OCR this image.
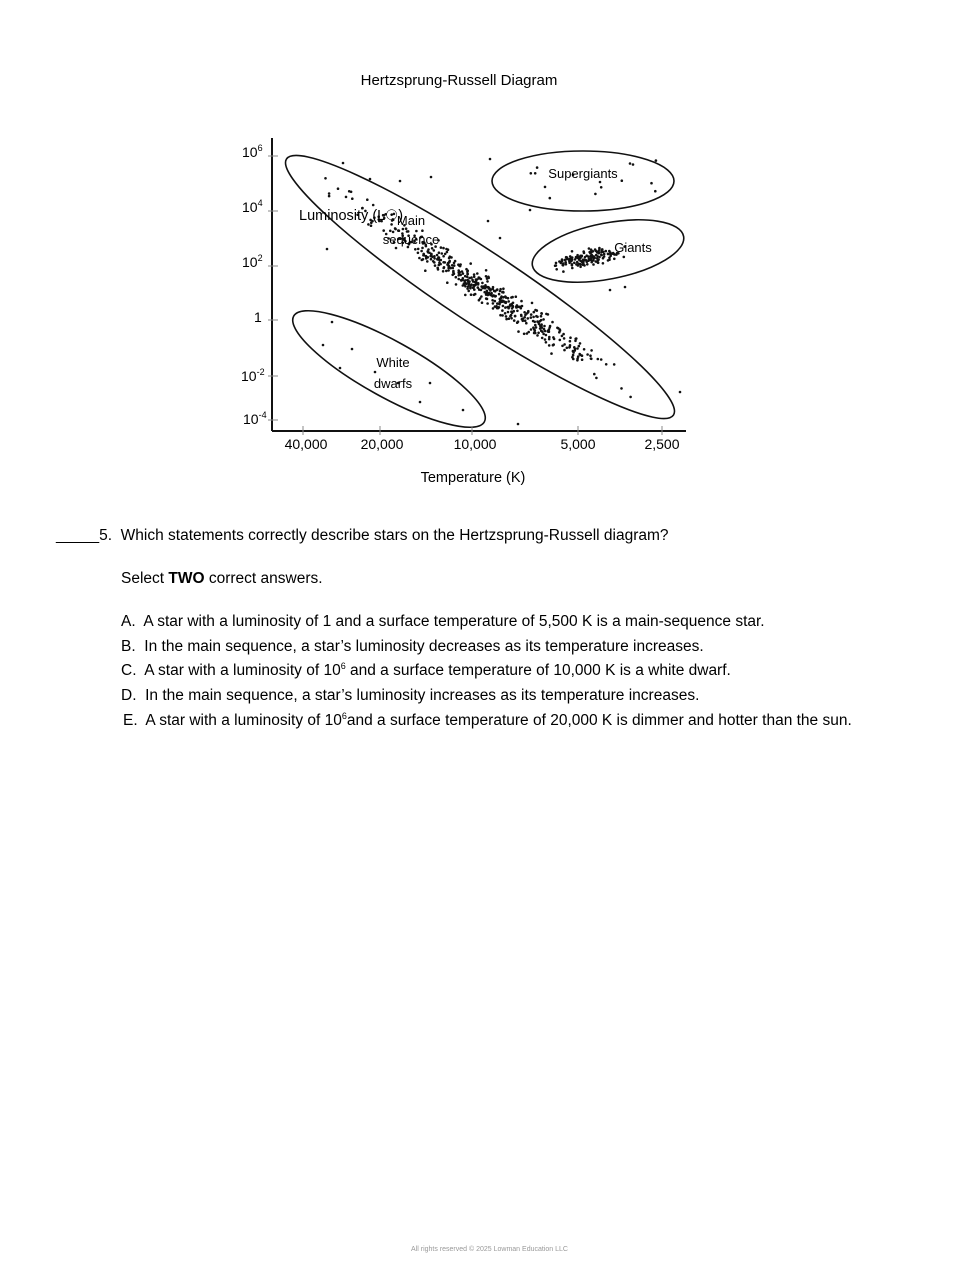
Hertzsprung-Russell Diagram
$10^6$
$10^4$
$10^2$
1
$10^{-2}$
$10^{-4}$
40,000 20,000	10,000	5,000	2,500
Temperature (K)
Luminosity (L☉)
Supergiants
Giants
Main
sequence
White
dwarfs
_____5. Which statements correctly describe stars on the Hertzsprung-Russell diagram?
Select TWO correct answers.
A. A star with a luminosity of 1 and a surface temperature of 5,500 K is a main-sequence star.
B. In the main sequence, a star’s luminosity decreases as its temperature increases.
C. A star with a luminosity of $10^6$ and a surface temperature of 10,000 K is a white dwarf.
D. In the main sequence, a star’s luminosity increases as its temperature increases.
E. A star with a luminosity of $10^6and$ a surface temperature of 20,000 K is dimmer and hotter than the sun.
All rights reserved © 2025 Lowman Education LLC
